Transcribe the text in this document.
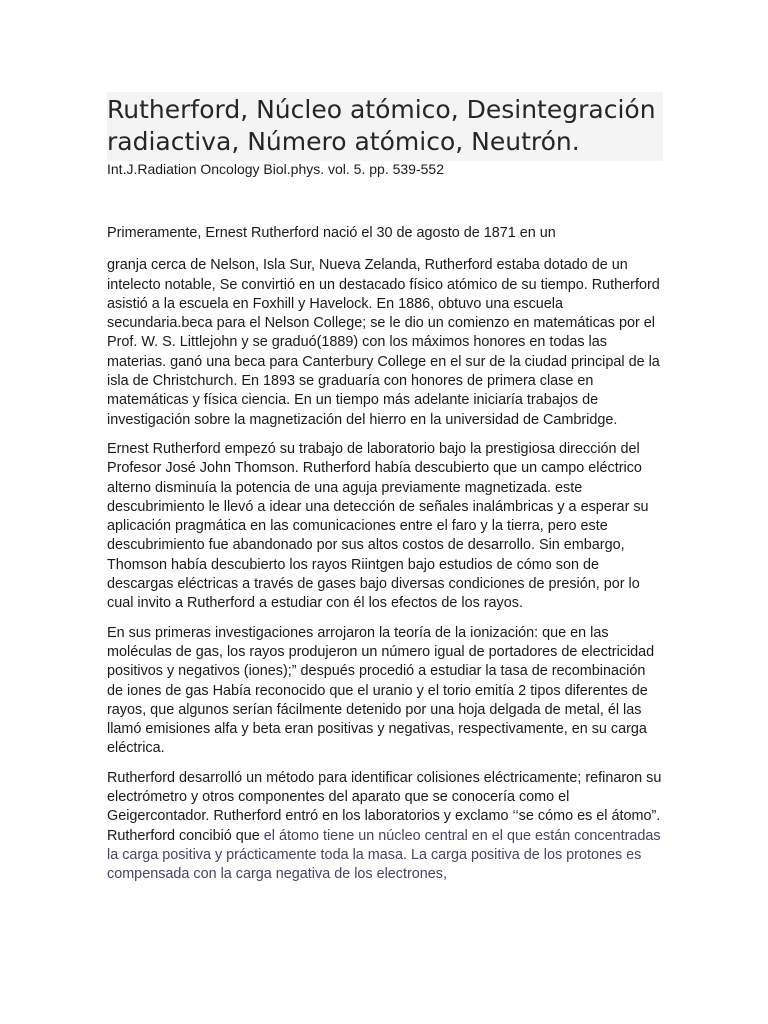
Rutherford, Núcleo atómico, Desintegración radiactiva, Número atómico, Neutrón.

Int.J.Radiation Oncology Biol.phys. vol. 5. pp. 539-552

Primeramente, Ernest Rutherford nació el 30 de agosto de 1871 en un

granja cerca de Nelson, Isla Sur, Nueva Zelanda, Rutherford estaba dotado de un intelecto notable, Se convirtió en un destacado físico atómico de su tiempo. Rutherford asistió a la escuela en Foxhill y Havelock. En 1886, obtuvo una escuela secundaria.beca para el Nelson College; se le dio un comienzo en matemáticas por el Prof. W. S. Littlejohn y se graduó(1889) con los máximos honores en todas las materias. ganó una beca para Canterbury College en el sur de la ciudad principal de la isla de Christchurch. En 1893 se graduaría con honores de primera clase en matemáticas y física ciencia. En un tiempo más adelante iniciaría trabajos de investigación sobre la magnetización del hierro en la universidad de Cambridge.

Ernest Rutherford empezó su trabajo de laboratorio bajo la prestigiosa dirección del Profesor José John Thomson. Rutherford había descubierto que un campo eléctrico alterno disminuía la potencia de una aguja previamente magnetizada. este descubrimiento le llevó a idear una detección de señales inalámbricas y a esperar su aplicación pragmática en las comunicaciones entre el faro y la tierra, pero este descubrimiento fue abandonado por sus altos costos de desarrollo. Sin embargo, Thomson había descubierto los rayos Riintgen bajo estudios de cómo son de descargas eléctricas a través de gases bajo diversas condiciones de presión, por lo cual invito a Rutherford a estudiar con él los efectos de los rayos.

En sus primeras investigaciones arrojaron la teoría de la ionización: que en las moléculas de gas, los rayos produjeron un número igual de portadores de electricidad positivos y negativos (iones);” después procedió a estudiar la tasa de recombinación de iones de gas Había reconocido que el uranio y el torio emitía 2 tipos diferentes de rayos, que algunos serían fácilmente detenido por una hoja delgada de metal, él las llamó emisiones alfa y beta eran positivas y negativas, respectivamente, en su carga eléctrica.

Rutherford desarrolló un método para identificar colisiones eléctricamente; refinaron su electrómetro y otros componentes del aparato que se conocería como el Geigercontador. Rutherford entró en los laboratorios y exclamo ‘‘se cómo es el átomo”. Rutherford concibió que el átomo tiene un núcleo central en el que están concentradas la carga positiva y prácticamente toda la masa. La carga positiva de los protones es compensada con la carga negativa de los electrones,
